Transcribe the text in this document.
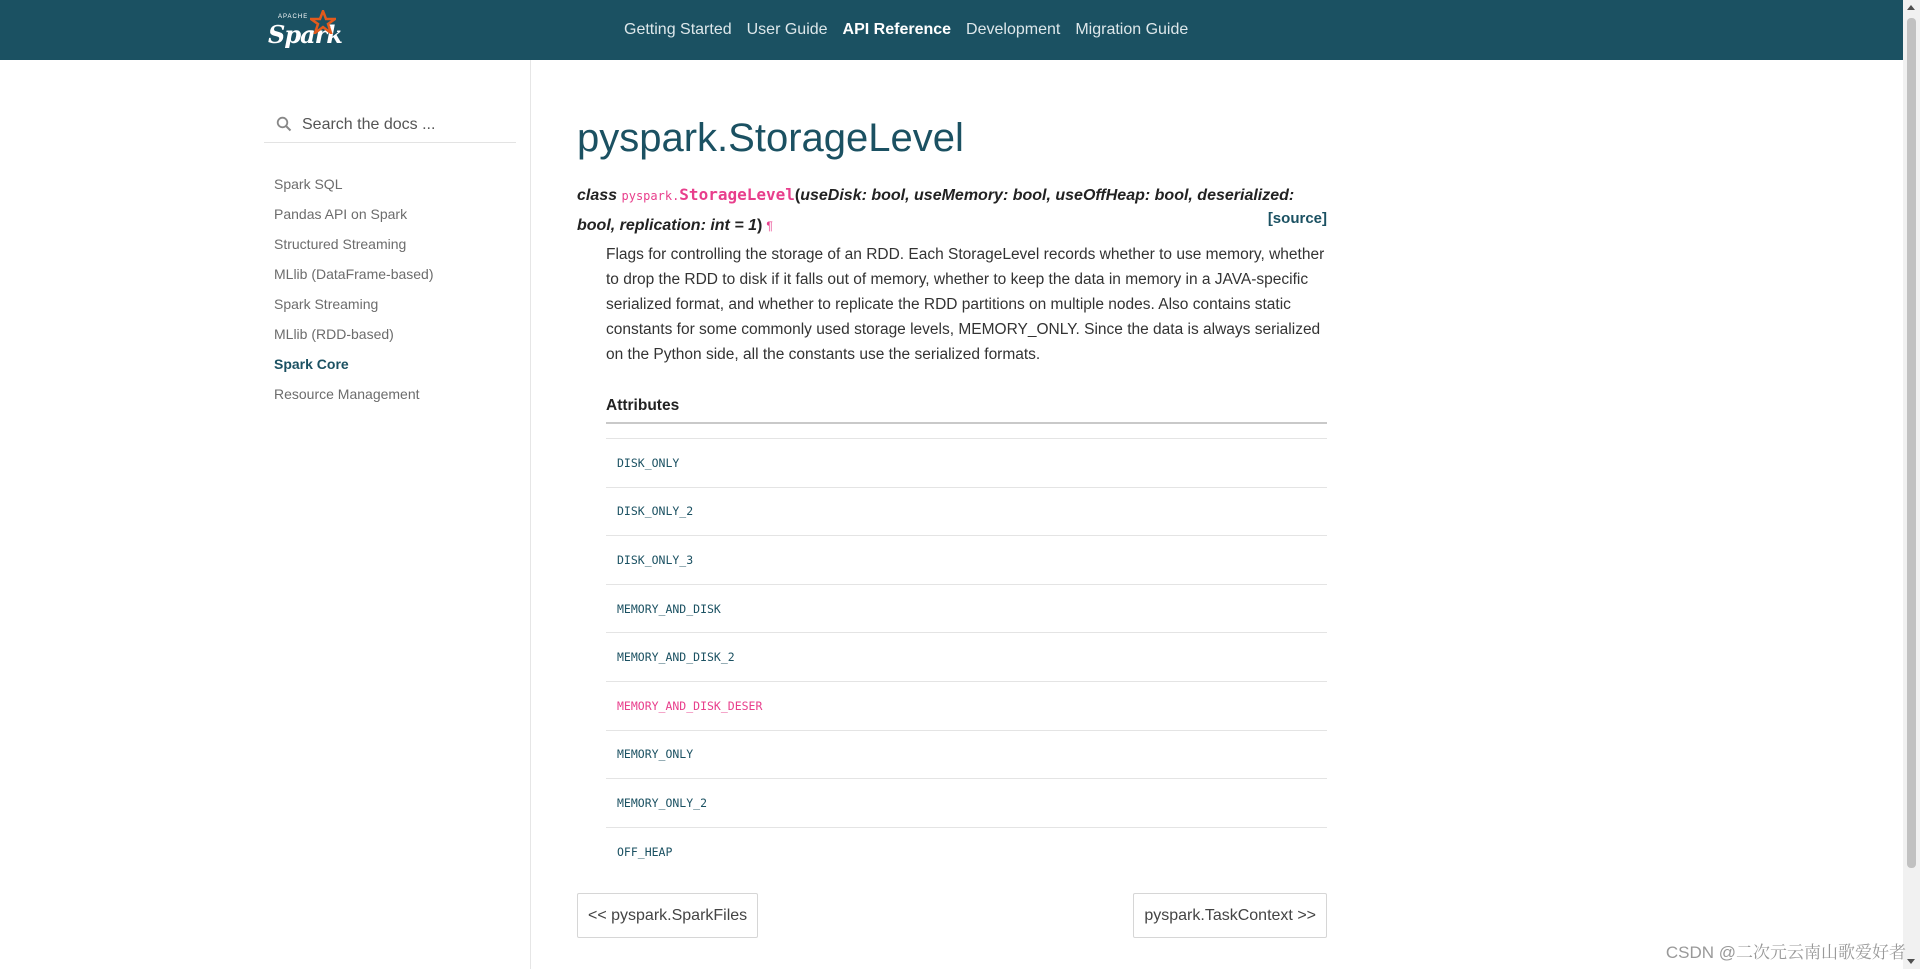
APACHE
Spark	Getting Started User Guide API Reference Development Migration Guide
Search the docs ...
Spark SQL
Pandas API on Spark
Structured Streaming
MLlib (DataFrame-based)
Spark Streaming
MLlib (RDD-based)
Spark Core
Resource Management
pyspark.StorageLevel
class pyspark.StorageLevel(useDisk: bool, useMemory: bool, useOffHeap: bool, deserialized: bool, replication: int = 1) ¶	[source]

Flags for controlling the storage of an RDD. Each StorageLevel records whether to use memory, whether to drop the RDD to disk if it falls out of memory, whether to keep the data in memory in a JAVA-specific serialized format, and whether to replicate the RDD partitions on multiple nodes. Also contains static constants for some commonly used storage levels, MEMORY_ONLY. Since the data is always serialized on the Python side, all the constants use the serialized formats.

Attributes
DISK_ONLY
DISK_ONLY_2
DISK_ONLY_3
MEMORY_AND_DISK
MEMORY_AND_DISK_2
MEMORY_AND_DISK_DESER
MEMORY_ONLY
MEMORY_ONLY_2
OFF_HEAP
<< pyspark.SparkFiles	pyspark.TaskContext >>
CSDN @二次元云南山歌爱好者
